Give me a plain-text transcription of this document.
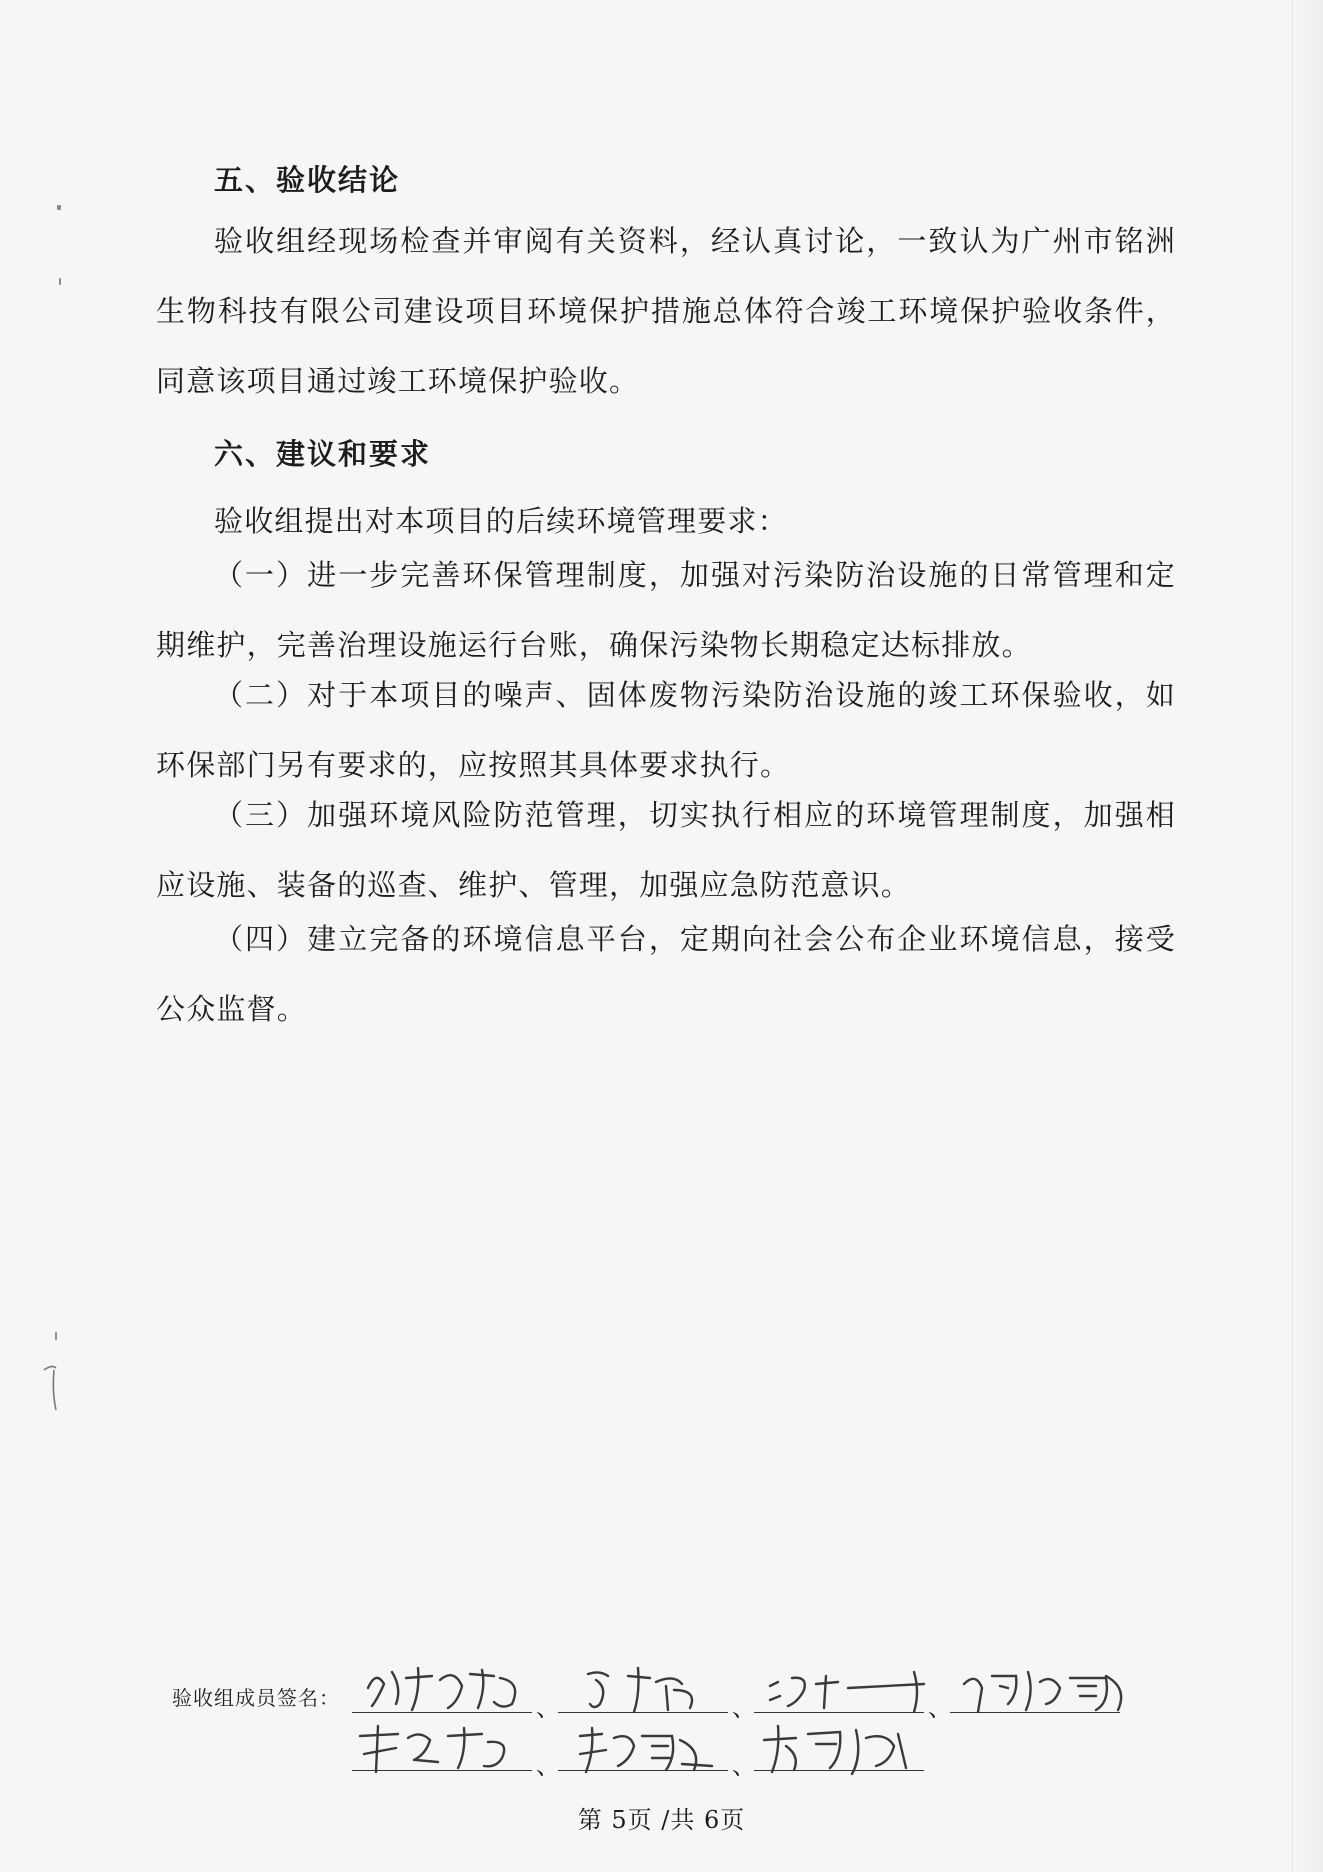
五、验收结论

验收组经现场检查并审阅有关资料，经认真讨论，一致认为广州市铭洲生物科技有限公司建设项目环境保护措施总体符合竣工环境保护验收条件，同意该项目通过竣工环境保护验收。

六、建议和要求

验收组提出对本项目的后续环境管理要求：

（一）进一步完善环保管理制度，加强对污染防治设施的日常管理和定期维护，完善治理设施运行台账，确保污染物长期稳定达标排放。

（二）对于本项目的噪声、固体废物污染防治设施的竣工环保验收，如环保部门另有要求的，应按照其具体要求执行。

（三）加强环境风险防范管理，切实执行相应的环境管理制度，加强相应设施、装备的巡查、维护、管理，加强应急防范意识。

（四）建立完备的环境信息平台，定期向社会公布企业环境信息，接受公众监督。

验收组成员签名：	、	、	、
、	、
第 5页 /共 6页
